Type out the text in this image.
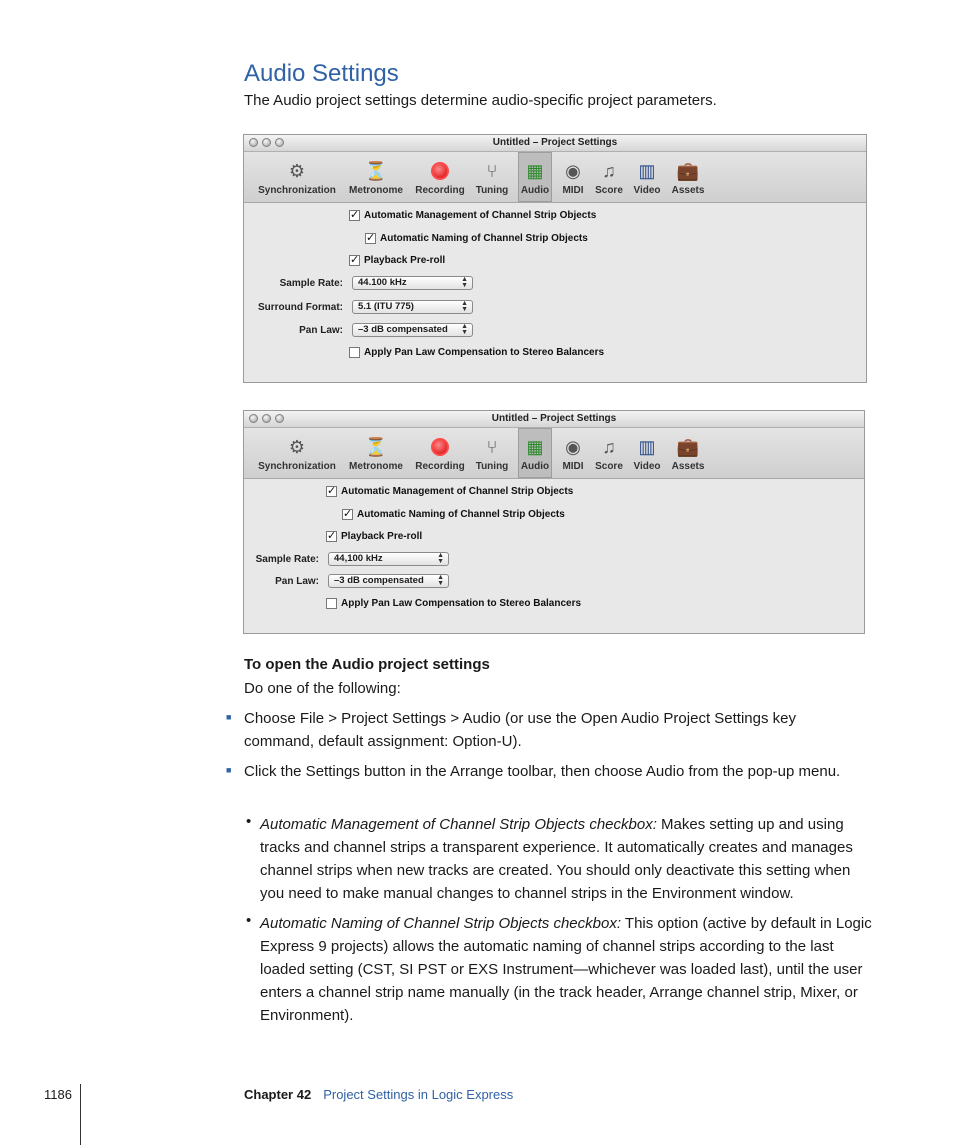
Audio Settings
The Audio project settings determine audio-specific project parameters.
Untitled – Project Settings
⚙
Synchronization
⏳
Metronome	Recording
⑂
Tuning
▦
Audio
◉
MIDI
♫
Score
▥
Video
💼
Assets
✓ Automatic Management of Channel Strip Objects
✓ Automatic Naming of Channel Strip Objects
✓ Playback Pre-roll
Sample Rate:	44.100 kHz	▲
▼
Surround Format:	5.1 (ITU 775)	▲
▼
Pan Law:	–3 dB compensated ▲
▼
Apply Pan Law Compensation to Stereo Balancers
Untitled – Project Settings
⚙
Synchronization
⏳
Metronome	Recording
⑂
Tuning
▦
Audio
◉
MIDI
♫
Score
▥
Video
💼
Assets
✓ Automatic Management of Channel Strip Objects
✓ Automatic Naming of Channel Strip Objects
✓ Playback Pre-roll
Sample Rate:	44,100 kHz	▲
▼
Pan Law:	–3 dB compensated ▲
▼
Apply Pan Law Compensation to Stereo Balancers
To open the Audio project settings
Do one of the following:
■ Choose File > Project Settings > Audio (or use the Open Audio Project Settings key command, default assignment: Option-U).
■ Click the Settings button in the Arrange toolbar, then choose Audio from the pop-up menu.
• Automatic Management of Channel Strip Objects checkbox: Makes setting up and using tracks and channel strips a transparent experience. It automatically creates and manages channel strips when new tracks are created. You should only deactivate this setting when you need to make manual changes to channel strips in the Environment window.
• Automatic Naming of Channel Strip Objects checkbox: This option (active by default in Logic Express 9 projects) allows the automatic naming of channel strips according to the last loaded setting (CST, SI PST or EXS Instrument—whichever was loaded last), until the user enters a channel strip name manually (in the track header, Arrange channel strip, Mixer, or Environment).
1186	Chapter 42 Project Settings in Logic Express
